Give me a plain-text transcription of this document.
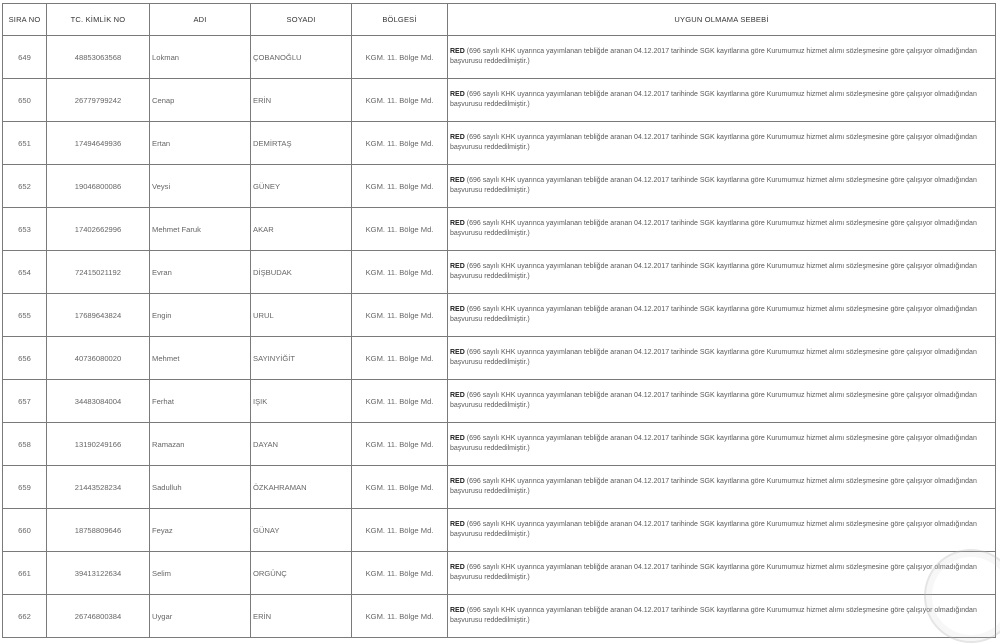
SIRA NO	TC. KİMLİK NO	ADI	SOYADI	BÖLGESİ	UYGUN OLMAMA SEBEBİ
649	48853063568	Lokman	ÇOBANOĞLU	KGM. 11. Bölge Md.	RED (696 sayılı KHK uyarınca yayımlanan tebliğde aranan 04.12.2017 tarihinde SGK kayıtlarına göre Kurumumuz hizmet alımı sözleşmesine göre çalışıyor olmadığından başvurusu reddedilmiştir.)
650	26779799242	Cenap	ERİN	KGM. 11. Bölge Md.	RED (696 sayılı KHK uyarınca yayımlanan tebliğde aranan 04.12.2017 tarihinde SGK kayıtlarına göre Kurumumuz hizmet alımı sözleşmesine göre çalışıyor olmadığından başvurusu reddedilmiştir.)
651	17494649936	Ertan	DEMİRTAŞ	KGM. 11. Bölge Md.	RED (696 sayılı KHK uyarınca yayımlanan tebliğde aranan 04.12.2017 tarihinde SGK kayıtlarına göre Kurumumuz hizmet alımı sözleşmesine göre çalışıyor olmadığından başvurusu reddedilmiştir.)
652	19046800086	Veysi	GÜNEY	KGM. 11. Bölge Md.	RED (696 sayılı KHK uyarınca yayımlanan tebliğde aranan 04.12.2017 tarihinde SGK kayıtlarına göre Kurumumuz hizmet alımı sözleşmesine göre çalışıyor olmadığından başvurusu reddedilmiştir.)
653	17402662996	Mehmet Faruk	AKAR	KGM. 11. Bölge Md.	RED (696 sayılı KHK uyarınca yayımlanan tebliğde aranan 04.12.2017 tarihinde SGK kayıtlarına göre Kurumumuz hizmet alımı sözleşmesine göre çalışıyor olmadığından başvurusu reddedilmiştir.)
654	72415021192	Evran	DİŞBUDAK	KGM. 11. Bölge Md.	RED (696 sayılı KHK uyarınca yayımlanan tebliğde aranan 04.12.2017 tarihinde SGK kayıtlarına göre Kurumumuz hizmet alımı sözleşmesine göre çalışıyor olmadığından başvurusu reddedilmiştir.)
655	17689643824	Engin	URUL	KGM. 11. Bölge Md.	RED (696 sayılı KHK uyarınca yayımlanan tebliğde aranan 04.12.2017 tarihinde SGK kayıtlarına göre Kurumumuz hizmet alımı sözleşmesine göre çalışıyor olmadığından başvurusu reddedilmiştir.)
656	40736080020	Mehmet	SAYINYİĞİT	KGM. 11. Bölge Md.	RED (696 sayılı KHK uyarınca yayımlanan tebliğde aranan 04.12.2017 tarihinde SGK kayıtlarına göre Kurumumuz hizmet alımı sözleşmesine göre çalışıyor olmadığından başvurusu reddedilmiştir.)
657	34483084004	Ferhat	IŞIK	KGM. 11. Bölge Md.	RED (696 sayılı KHK uyarınca yayımlanan tebliğde aranan 04.12.2017 tarihinde SGK kayıtlarına göre Kurumumuz hizmet alımı sözleşmesine göre çalışıyor olmadığından başvurusu reddedilmiştir.)
658	13190249166	Ramazan	DAYAN	KGM. 11. Bölge Md.	RED (696 sayılı KHK uyarınca yayımlanan tebliğde aranan 04.12.2017 tarihinde SGK kayıtlarına göre Kurumumuz hizmet alımı sözleşmesine göre çalışıyor olmadığından başvurusu reddedilmiştir.)
659	21443528234	Sadulluh	ÖZKAHRAMAN	KGM. 11. Bölge Md.	RED (696 sayılı KHK uyarınca yayımlanan tebliğde aranan 04.12.2017 tarihinde SGK kayıtlarına göre Kurumumuz hizmet alımı sözleşmesine göre çalışıyor olmadığından başvurusu reddedilmiştir.)
660	18758809646	Feyaz	GÜNAY	KGM. 11. Bölge Md.	RED (696 sayılı KHK uyarınca yayımlanan tebliğde aranan 04.12.2017 tarihinde SGK kayıtlarına göre Kurumumuz hizmet alımı sözleşmesine göre çalışıyor olmadığından başvurusu reddedilmiştir.)
661	39413122634	Selim	ORGÜNÇ	KGM. 11. Bölge Md.	RED (696 sayılı KHK uyarınca yayımlanan tebliğde aranan 04.12.2017 tarihinde SGK kayıtlarına göre Kurumumuz hizmet alımı sözleşmesine göre çalışıyor olmadığından başvurusu reddedilmiştir.)
662	26746800384	Uygar	ERİN	KGM. 11. Bölge Md.	RED (696 sayılı KHK uyarınca yayımlanan tebliğde aranan 04.12.2017 tarihinde SGK kayıtlarına göre Kurumumuz hizmet alımı sözleşmesine göre çalışıyor olmadığından başvurusu reddedilmiştir.)
